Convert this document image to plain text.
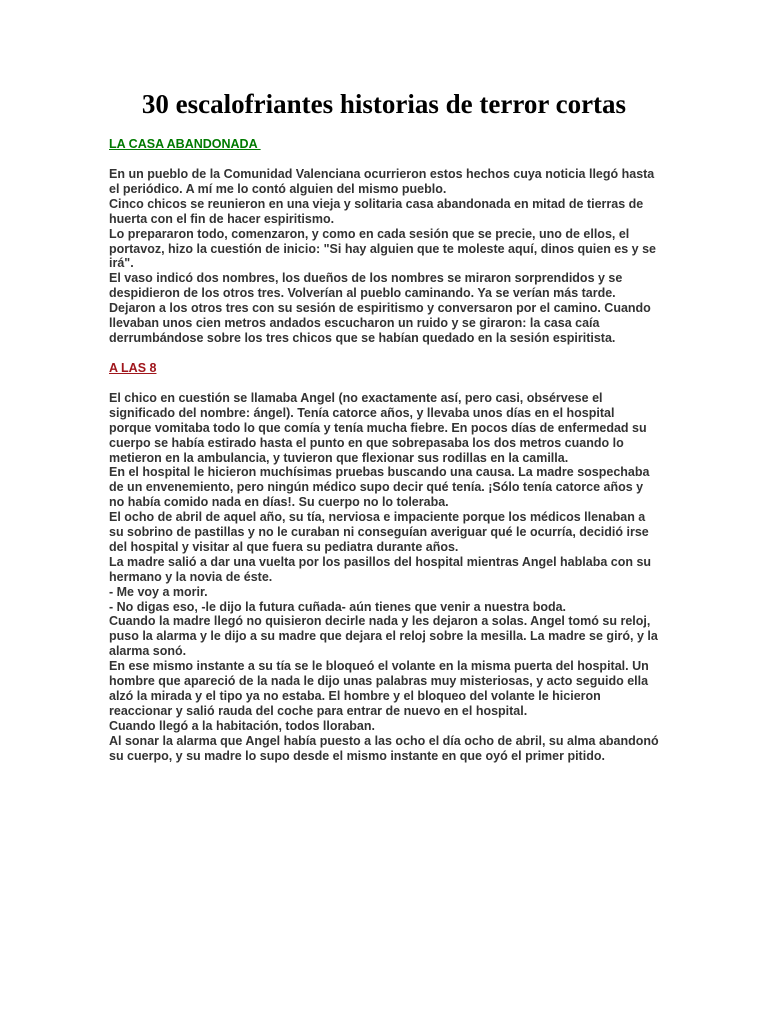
30 escalofriantes historias de terror cortas
LA CASA ABANDONADA

En un pueblo de la Comunidad Valenciana ocurrieron estos hechos cuya noticia llegó hasta el periódico. A mí me lo contó alguien del mismo pueblo.

Cinco chicos se reunieron en una vieja y solitaria casa abandonada en mitad de tierras de huerta con el fin de hacer espiritismo.

Lo prepararon todo, comenzaron, y como en cada sesión que se precie, uno de ellos, el portavoz, hizo la cuestión de inicio: "Si hay alguien que te moleste aquí, dinos quien es y se irá".

El vaso indicó dos nombres, los dueños de los nombres se miraron sorprendidos y se despidieron de los otros tres. Volverían al pueblo caminando. Ya se verían más tarde.

Dejaron a los otros tres con su sesión de espiritismo y conversaron por el camino. Cuando llevaban unos cien metros andados escucharon un ruido y se giraron: la casa caía derrumbándose sobre los tres chicos que se habían quedado en la sesión espiritista.

A LAS 8

El chico en cuestión se llamaba Angel (no exactamente así, pero casi, obsérvese el significado del nombre: ángel). Tenía catorce años, y llevaba unos días en el hospital porque vomitaba todo lo que comía y tenía mucha fiebre. En pocos días de enfermedad su cuerpo se había estirado hasta el punto en que sobrepasaba los dos metros cuando lo metieron en la ambulancia, y tuvieron que flexionar sus rodillas en la camilla.

En el hospital le hicieron muchísimas pruebas buscando una causa. La madre sospechaba de un envenemiento, pero ningún médico supo decir qué tenía. ¡Sólo tenía catorce años y no había comido nada en días!. Su cuerpo no lo toleraba.

El ocho de abril de aquel año, su tía, nerviosa e impaciente porque los médicos llenaban a su sobrino de pastillas y no le curaban ni conseguían averiguar qué le ocurría, decidió irse del hospital y visitar al que fuera su pediatra durante años.

La madre salió a dar una vuelta por los pasillos del hospital mientras Angel hablaba con su hermano y la novia de éste.

- Me voy a morir.

- No digas eso, -le dijo la futura cuñada- aún tienes que venir a nuestra boda.

Cuando la madre llegó no quisieron decirle nada y les dejaron a solas. Angel tomó su reloj, puso la alarma y le dijo a su madre que dejara el reloj sobre la mesilla. La madre se giró, y la alarma sonó.

En ese mismo instante a su tía se le bloqueó el volante en la misma puerta del hospital. Un hombre que apareció de la nada le dijo unas palabras muy misteriosas, y acto seguido ella alzó la mirada y el tipo ya no estaba. El hombre y el bloqueo del volante le hicieron reaccionar y salió rauda del coche para entrar de nuevo en el hospital.

Cuando llegó a la habitación, todos lloraban.

Al sonar la alarma que Angel había puesto a las ocho el día ocho de abril, su alma abandonó su cuerpo, y su madre lo supo desde el mismo instante en que oyó el primer pitido.
